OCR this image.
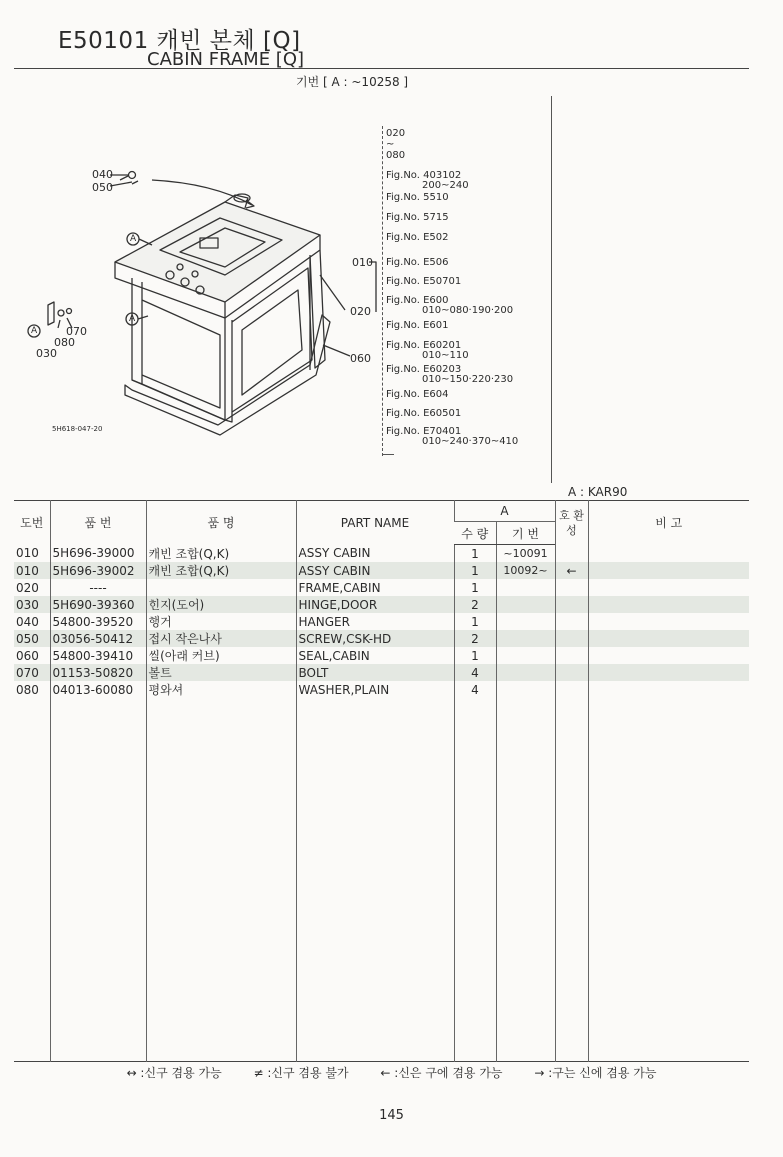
E50101 캐빈 본체 [Q]
CABIN FRAME [Q]
기번 [ A : ~10258 ]
040
050
070
080
030
020
060
010
A
A
A
5H618-047-20
020
~
080
Fig.No. 403102
200~240
Fig.No. 5510
Fig.No. 5715
Fig.No. E502
Fig.No. E506
Fig.No. E50701
Fig.No. E600
010~080·190·200
Fig.No. E601
Fig.No. E60201
010~110
Fig.No. E60203
010~150·220·230
Fig.No. E604
Fig.No. E60501
Fig.No. E70401
010~240·370~410
A : KAR90
도번	품 번	품 명	PART NAME	A		호 환 성	비 고
				수 량	기 번		
010	5H696-39000	캐빈 조합(Q,K)	ASSY CABIN	1	~10091		
010	5H696-39002	캐빈 조합(Q,K)	ASSY CABIN	1	10092~	←	
020	----		FRAME,CABIN	1			
030	5H690-39360	힌지(도어)	HINGE,DOOR	2			
040	54800-39520	행거	HANGER	1			
050	03056-50412	접시 작은나사	SCREW,CSK-HD	2			
060	54800-39410	씰(아래 커브)	SEAL,CABIN	1			
070	01153-50820	볼트	BOLT	4			
080	04013-60080	평와셔	WASHER,PLAIN	4			

↔ :신구 겸용 가능	≠ :신구 겸용 불가	← :신은 구에 겸용 가능	→ :구는 신에 겸용 가능
145
